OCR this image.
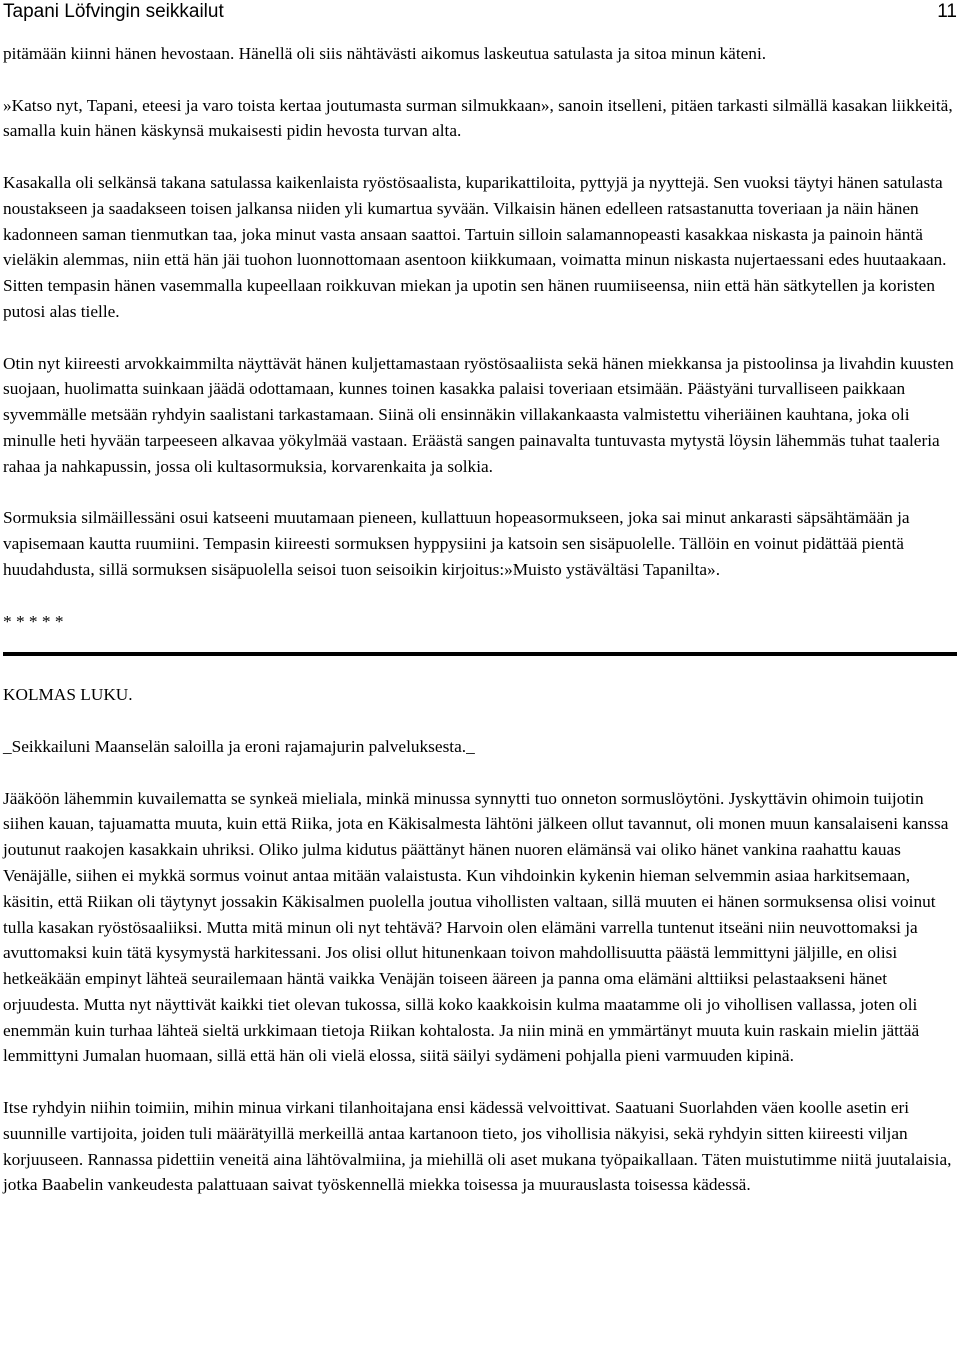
Tapani Löfvingin seikkailut	11

pitämään kiinni hänen hevostaan. Hänellä oli siis nähtävästi aikomus laskeutua satulasta ja sitoa minun käteni.

»Katso nyt, Tapani, eteesi ja varo toista kertaa joutumasta surman silmukkaan», sanoin itselleni, pitäen tarkasti silmällä kasakan liikkeitä, samalla kuin hänen käskynsä mukaisesti pidin hevosta turvan alta.

Kasakalla oli selkänsä takana satulassa kaikenlaista ryöstösaalista, kuparikattiloita, pyttyjä ja nyyttejä. Sen vuoksi täytyi hänen satulasta noustakseen ja saadakseen toisen jalkansa niiden yli kumartua syvään. Vilkaisin hänen edelleen ratsastanutta toveriaan ja näin hänen kadonneen saman tienmutkan taa, joka minut vasta ansaan saattoi. Tartuin silloin salamannopeasti kasakkaa niskasta ja painoin häntä vieläkin alemmas, niin että hän jäi tuohon luonnottomaan asentoon kiikkumaan, voimatta minun niskasta nujertaessani edes huutaakaan. Sitten tempasin hänen vasemmalla kupeellaan roikkuvan miekan ja upotin sen hänen ruumiiseensa, niin että hän sätkytellen ja koristen putosi alas tielle.

Otin nyt kiireesti arvokkaimmilta näyttävät hänen kuljettamastaan ryöstösaaliista sekä hänen miekkansa ja pistoolinsa ja livahdin kuusten suojaan, huolimatta suinkaan jäädä odottamaan, kunnes toinen kasakka palaisi toveriaan etsimään. Päästyäni turvalliseen paikkaan syvemmälle metsään ryhdyin saalistani tarkastamaan. Siinä oli ensinnäkin villakankaasta valmistettu viheriäinen kauhtana, joka oli minulle heti hyvään tarpeeseen alkavaa yökylmää vastaan. Eräästä sangen painavalta tuntuvasta mytystä löysin lähemmäs tuhat taaleria rahaa ja nahkapussin, jossa oli kultasormuksia, korvarenkaita ja solkia.

Sormuksia silmäillessäni osui katseeni muutamaan pieneen, kullattuun hopeasormukseen, joka sai minut ankarasti säpsähtämään ja vapisemaan kautta ruumiini. Tempasin kiireesti sormuksen hyppysiini ja katsoin sen sisäpuolelle. Tällöin en voinut pidättää pientä huudahdusta, sillä sormuksen sisäpuolella seisoi tuon seisoikin kirjoitus:»Muisto ystävältäsi Tapanilta».

* * * * *

KOLMAS LUKU.

_Seikkailuni Maanselän saloilla ja eroni rajamajurin palveluksesta._

Jääköön lähemmin kuvailematta se synkeä mieliala, minkä minussa synnytti tuo onneton sormuslöytöni. Jyskyttävin ohimoin tuijotin siihen kauan, tajuamatta muuta, kuin että Riika, jota en Käkisalmesta lähtöni jälkeen ollut tavannut, oli monen muun kansalaiseni kanssa joutunut raakojen kasakkain uhriksi. Oliko julma kidutus päättänyt hänen nuoren elämänsä vai oliko hänet vankina raahattu kauas Venäjälle, siihen ei mykkä sormus voinut antaa mitään valaistusta. Kun vihdoinkin kykenin hieman selvemmin asiaa harkitsemaan, käsitin, että Riikan oli täytynyt jossakin Käkisalmen puolella joutua vihollisten valtaan, sillä muuten ei hänen sormuksensa olisi voinut tulla kasakan ryöstösaaliiksi. Mutta mitä minun oli nyt tehtävä? Harvoin olen elämäni varrella tuntenut itseäni niin neuvottomaksi ja avuttomaksi kuin tätä kysymystä harkitessani. Jos olisi ollut hitunenkaan toivon mahdollisuutta päästä lemmittyni jäljille, en olisi hetkeäkään empinyt lähteä seurailemaan häntä vaikka Venäjän toiseen ääreen ja panna oma elämäni alttiiksi pelastaakseni hänet orjuudesta. Mutta nyt näyttivät kaikki tiet olevan tukossa, sillä koko kaakkoisin kulma maatamme oli jo vihollisen vallassa, joten oli enemmän kuin turhaa lähteä sieltä urkkimaan tietoja Riikan kohtalosta. Ja niin minä en ymmärtänyt muuta kuin raskain mielin jättää lemmittyni Jumalan huomaan, sillä että hän oli vielä elossa, siitä säilyi sydämeni pohjalla pieni varmuuden kipinä.

Itse ryhdyin niihin toimiin, mihin minua virkani tilanhoitajana ensi kädessä velvoittivat. Saatuani Suorlahden väen koolle asetin eri suunnille vartijoita, joiden tuli määrätyillä merkeillä antaa kartanoon tieto, jos vihollisia näkyisi, sekä ryhdyin sitten kiireesti viljan korjuuseen. Rannassa pidettiin veneitä aina lähtövalmiina, ja miehillä oli aset mukana työpaikallaan. Täten muistutimme niitä juutalaisia, jotka Baabelin vankeudesta palattuaan saivat työskennellä miekka toisessa ja muurauslasta toisessa kädessä.
